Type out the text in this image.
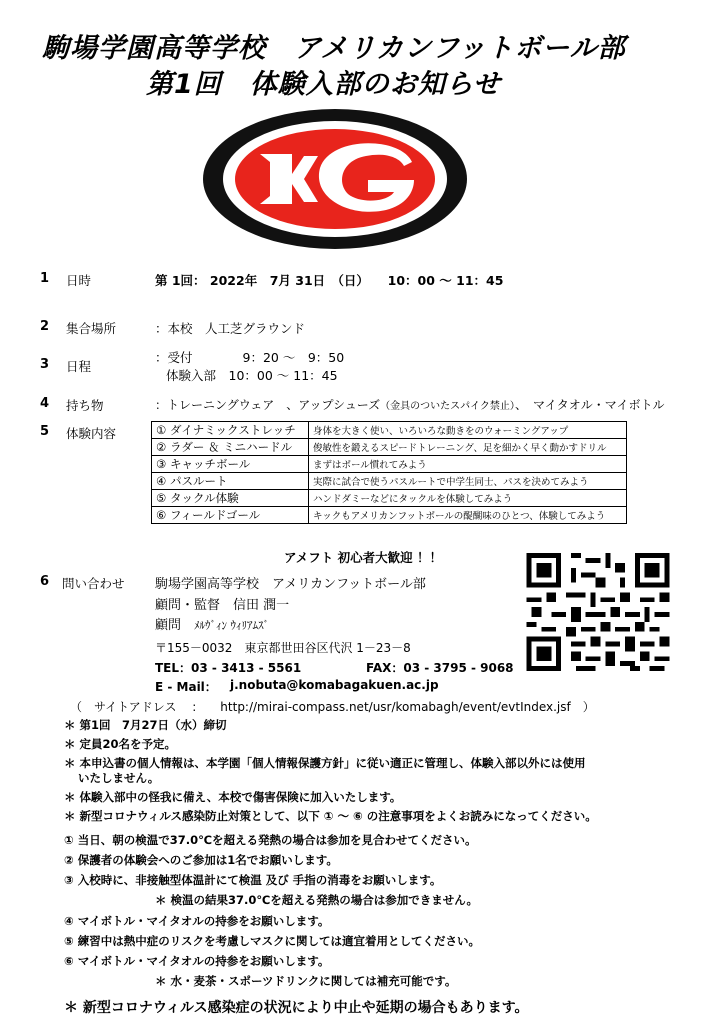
駒場学園高等学校　アメリカンフットボール部
第1回　体験入部のお知らせ
1 日時	第 1回： 2022年　7月 31日　（日）　　10：00 ～ 11：45
2 集合場所	：本校　人工芝グラウンド
3 日程
：受付　　　　9：20 ～　9：50
体験入部　10：00 ～ 11：45
4 持ち物	：トレーニングウェア　、アップシューズ（金具のついたスパイク禁止）、　マイタオル・マイボトル
5 体験内容	① ダイナミックストレッチ	身体を大きく使い、いろいろな動きをのウォーミングアップ
② ラダー ＆ ミニハードル	俊敏性を鍛えるスピードトレーニング、足を細かく早く動かすドリル
③ キャッチボール	まずはボール慣れてみよう
④ パスルート	実際に試合で使うパスルートで中学生同士、パスを決めてみよう
⑤ タックル体験	ハンドダミーなどにタックルを体験してみよう
⑥ フィールドゴール	キックもアメリカンフットボールの醍醐味のひとつ、体験してみよう
アメフト 初心者大歓迎 ！！
6 問い合わせ 駒場学園高等学校　アメリカンフットボール部
顧問・監督　信田 潤一
顧問　 ﾒﾙｳﾞｨﾝ ｳｨﾘｱﾑｽﾞ
〒155－0032　東京都世田谷区代沢 1－23－8
TEL：03 - 3413 - 5561	FAX：03 - 3795 - 9068
E - Mail： j.nobuta@komabagakuen.ac.jp
（　サイトアドレス　 :　　http://mirai-compass.net/usr/komabagh/event/evtIndex.jsf　）
＊ 第1回　7月27日（水）締切
＊ 定員20名を予定。
＊ 本申込書の個人情報は、本学園「個人情報保護方針」に従い適正に管理し、体験入部以外には使用
いたしません。
＊ 体験入部中の怪我に備え、本校で傷害保険に加入いたします。
＊ 新型コロナウィルス感染防止対策として、以下 ① ～ ⑥ の注意事項をよくお読みになってください。
① 当日、朝の検温で37.0℃を超える発熱の場合は参加を見合わせてください。
② 保護者の体験会へのご参加は1名でお願いします。
③ 入校時に、非接触型体温計にて検温 及び 手指の消毒をお願いします。
＊ 検温の結果37.0℃を超える発熱の場合は参加できません。
④ マイボトル・マイタオルの持参をお願いします。
⑤ 練習中は熱中症のリスクを考慮しマスクに関しては適宜着用としてください。
⑥ マイボトル・マイタオルの持参をお願いします。
＊ 水・麦茶・スポーツドリンクに関しては補充可能です。
＊ 新型コロナウィルス感染症の状況により中止や延期の場合もあります。
